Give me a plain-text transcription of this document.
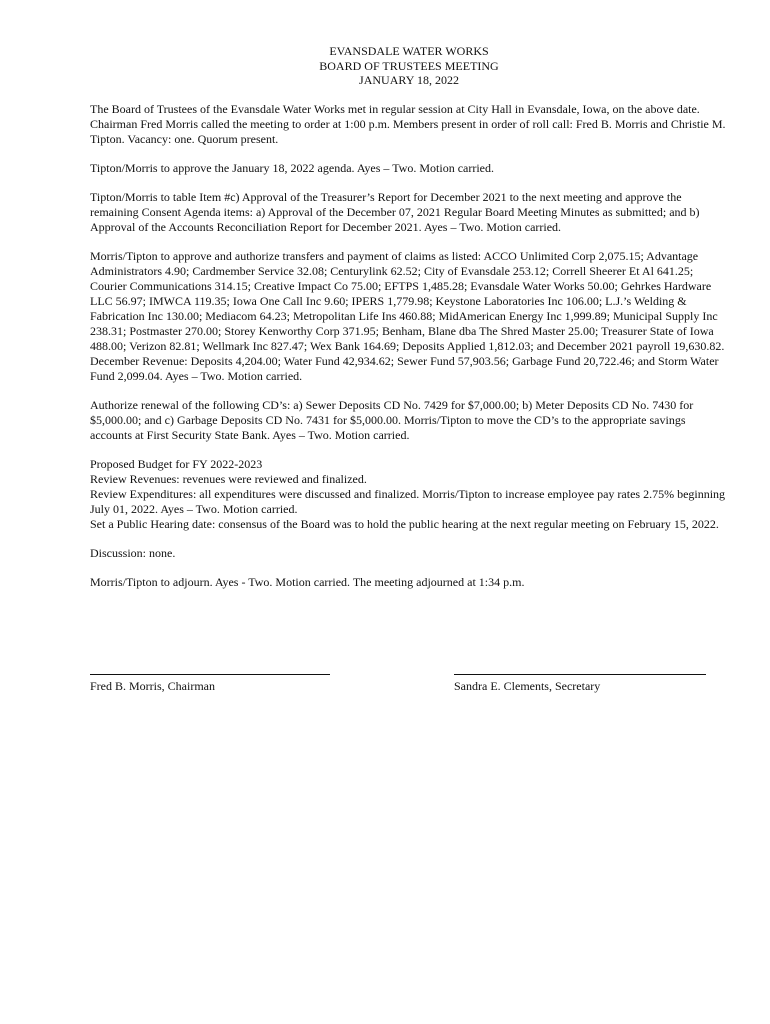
EVANSDALE WATER WORKS
BOARD OF TRUSTEES MEETING
JANUARY 18, 2022

The Board of Trustees of the Evansdale Water Works met in regular session at City Hall in Evansdale, Iowa, on the above date. Chairman Fred Morris called the meeting to order at 1:00 p.m. Members present in order of roll call: Fred B. Morris and Christie M. Tipton. Vacancy: one. Quorum present.

Tipton/Morris to approve the January 18, 2022 agenda. Ayes – Two. Motion carried.

Tipton/Morris to table Item #c) Approval of the Treasurer’s Report for December 2021 to the next meeting and approve the remaining Consent Agenda items: a) Approval of the December 07, 2021 Regular Board Meeting Minutes as submitted; and b) Approval of the Accounts Reconciliation Report for December 2021. Ayes – Two. Motion carried.

Morris/Tipton to approve and authorize transfers and payment of claims as listed: ACCO Unlimited Corp 2,075.15; Advantage Administrators 4.90; Cardmember Service 32.08; Centurylink 62.52; City of Evansdale 253.12; Correll Sheerer Et Al 641.25; Courier Communications 314.15; Creative Impact Co 75.00; EFTPS 1,485.28; Evansdale Water Works 50.00; Gehrkes Hardware LLC 56.97; IMWCA 119.35; Iowa One Call Inc 9.60; IPERS 1,779.98; Keystone Laboratories Inc 106.00; L.J.’s Welding & Fabrication Inc 130.00; Mediacom 64.23; Metropolitan Life Ins 460.88; MidAmerican Energy Inc 1,999.89; Municipal Supply Inc 238.31; Postmaster 270.00; Storey Kenworthy Corp 371.95; Benham, Blane dba The Shred Master 25.00; Treasurer State of Iowa 488.00; Verizon 82.81; Wellmark Inc 827.47; Wex Bank 164.69; Deposits Applied 1,812.03; and December 2021 payroll 19,630.82.

December Revenue: Deposits 4,204.00; Water Fund 42,934.62; Sewer Fund 57,903.56; Garbage Fund 20,722.46; and Storm Water Fund 2,099.04. Ayes – Two. Motion carried.

Authorize renewal of the following CD’s: a) Sewer Deposits CD No. 7429 for $7,000.00; b) Meter Deposits CD No. 7430 for $5,000.00; and c) Garbage Deposits CD No. 7431 for $5,000.00. Morris/Tipton to move the CD’s to the appropriate savings accounts at First Security State Bank. Ayes – Two. Motion carried.

Proposed Budget for FY 2022-2023

Review Revenues: revenues were reviewed and finalized.

Review Expenditures: all expenditures were discussed and finalized. Morris/Tipton to increase employee pay rates 2.75% beginning July 01, 2022. Ayes – Two. Motion carried.

Set a Public Hearing date: consensus of the Board was to hold the public hearing at the next regular meeting on February 15, 2022.

Discussion: none.

Morris/Tipton to adjourn. Ayes - Two. Motion carried. The meeting adjourned at 1:34 p.m.

Fred B. Morris, Chairman	Sandra E. Clements, Secretary
